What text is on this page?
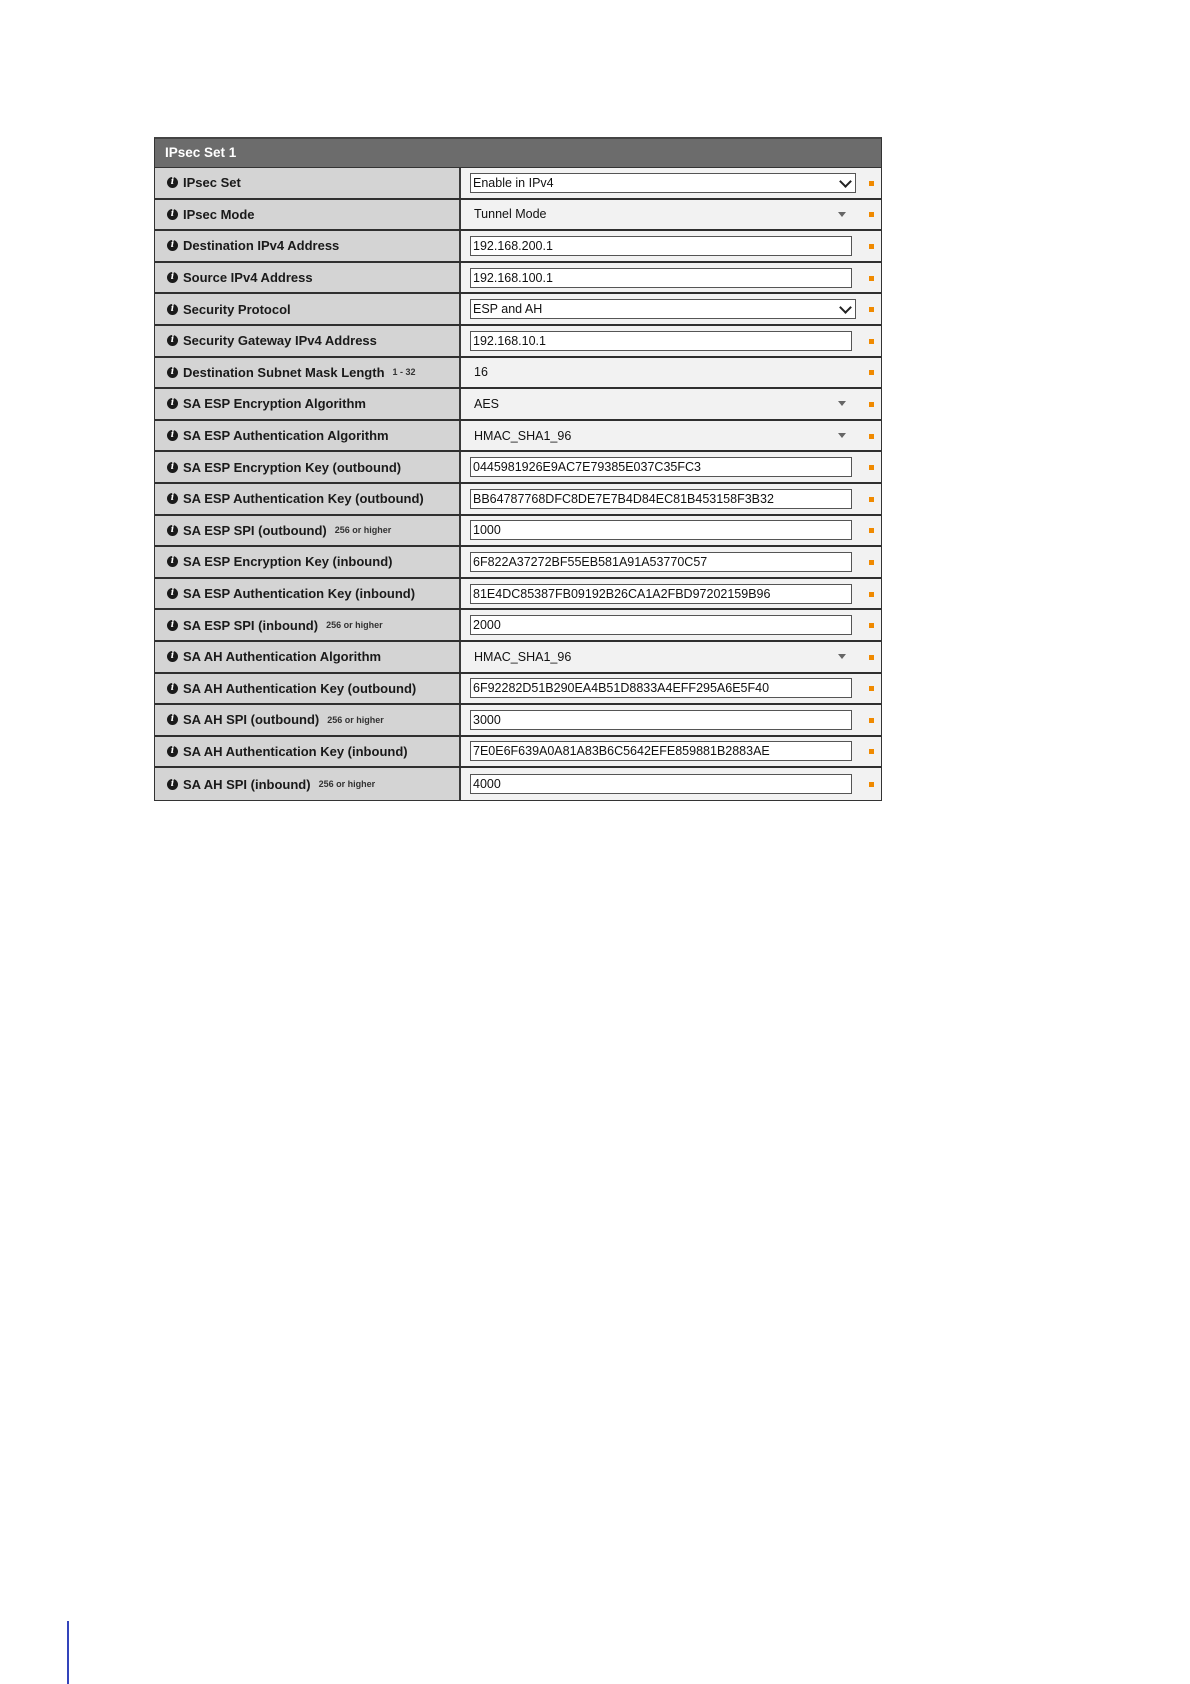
IPsec Set 1
i IPsec Set	Enable in IPv4
i IPsec Mode	Tunnel Mode
i Destination IPv4 Address	192.168.200.1
i Source IPv4 Address	192.168.100.1
i Security Protocol	ESP and AH
i Security Gateway IPv4 Address	192.168.10.1
i Destination Subnet Mask Length 1 - 32	16
i SA ESP Encryption Algorithm	AES
i SA ESP Authentication Algorithm	HMAC_SHA1_96
i SA ESP Encryption Key (outbound)	0445981926E9AC7E79385E037C35FC3
i SA ESP Authentication Key (outbound)	BB64787768DFC8DE7E7B4D84EC81B453158F3B32
i SA ESP SPI (outbound) 256 or higher	1000
i SA ESP Encryption Key (inbound)	6F822A37272BF55EB581A91A53770C57
i SA ESP Authentication Key (inbound)	81E4DC85387FB09192B26CA1A2FBD97202159B96
i SA ESP SPI (inbound) 256 or higher	2000
i SA AH Authentication Algorithm	HMAC_SHA1_96
i SA AH Authentication Key (outbound)	6F92282D51B290EA4B51D8833A4EFF295A6E5F40
i SA AH SPI (outbound) 256 or higher	3000
i SA AH Authentication Key (inbound)	7E0E6F639A0A81A83B6C5642EFE859881B2883AE
i SA AH SPI (inbound) 256 or higher	4000
